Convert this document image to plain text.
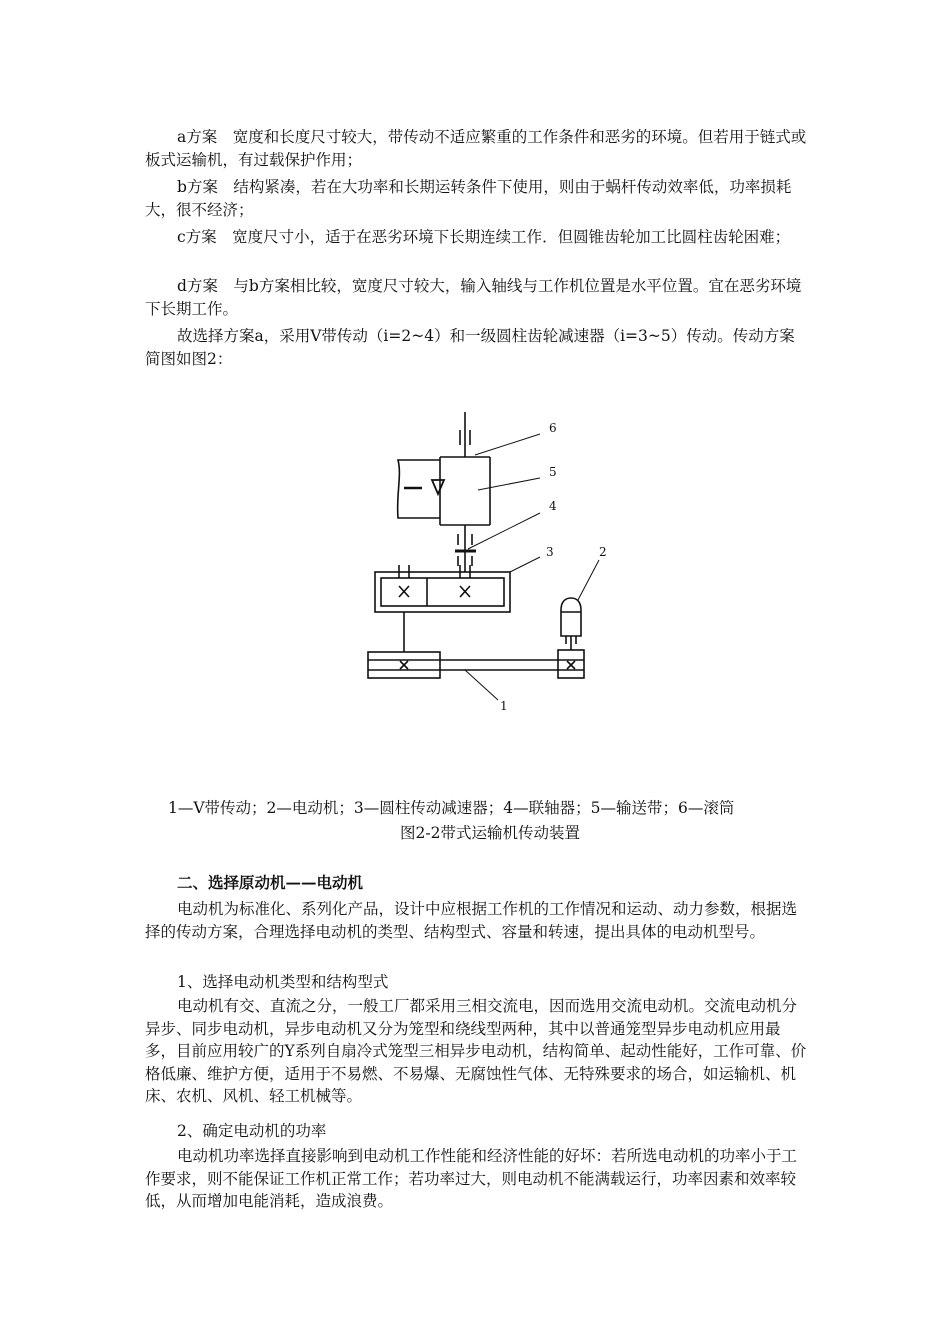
a方案　宽度和长度尺寸较大，带传动不适应繁重的工作条件和恶劣的环境。但若用于链式或板式运输机，有过载保护作用；

b方案　结构紧凑，若在大功率和长期运转条件下使用，则由于蜗杆传动效率低，功率损耗大，很不经济；

c方案　宽度尺寸小，适于在恶劣环境下长期连续工作．但圆锥齿轮加工比圆柱齿轮困难；

d方案　与b方案相比较，宽度尺寸较大，输入轴线与工作机位置是水平位置。宜在恶劣环境下长期工作。

故选择方案a，采用V带传动（i=2~4）和一级圆柱齿轮减速器（i=3~5）传动。传动方案简图如图2：

6
5
4
3	2
1

1—V带传动；2—电动机；3—圆柱传动减速器；4—联轴器；5—输送带；6—滚筒

图2-2带式运输机传动装置

二、选择原动机——电动机

电动机为标准化、系列化产品，设计中应根据工作机的工作情况和运动、动力参数，根据选择的传动方案，合理选择电动机的类型、结构型式、容量和转速，提出具体的电动机型号。

1、选择电动机类型和结构型式

电动机有交、直流之分，一般工厂都采用三相交流电，因而选用交流电动机。交流电动机分异步、同步电动机，异步电动机又分为笼型和绕线型两种，其中以普通笼型异步电动机应用最多，目前应用较广的Y系列自扇冷式笼型三相异步电动机，结构简单、起动性能好，工作可靠、价格低廉、维护方便，适用于不易燃、不易爆、无腐蚀性气体、无特殊要求的场合，如运输机、机床、农机、风机、轻工机械等。

2、确定电动机的功率

电动机功率选择直接影响到电动机工作性能和经济性能的好坏：若所选电动机的功率小于工作要求，则不能保证工作机正常工作；若功率过大，则电动机不能满载运行，功率因素和效率较低，从而增加电能消耗，造成浪费。
